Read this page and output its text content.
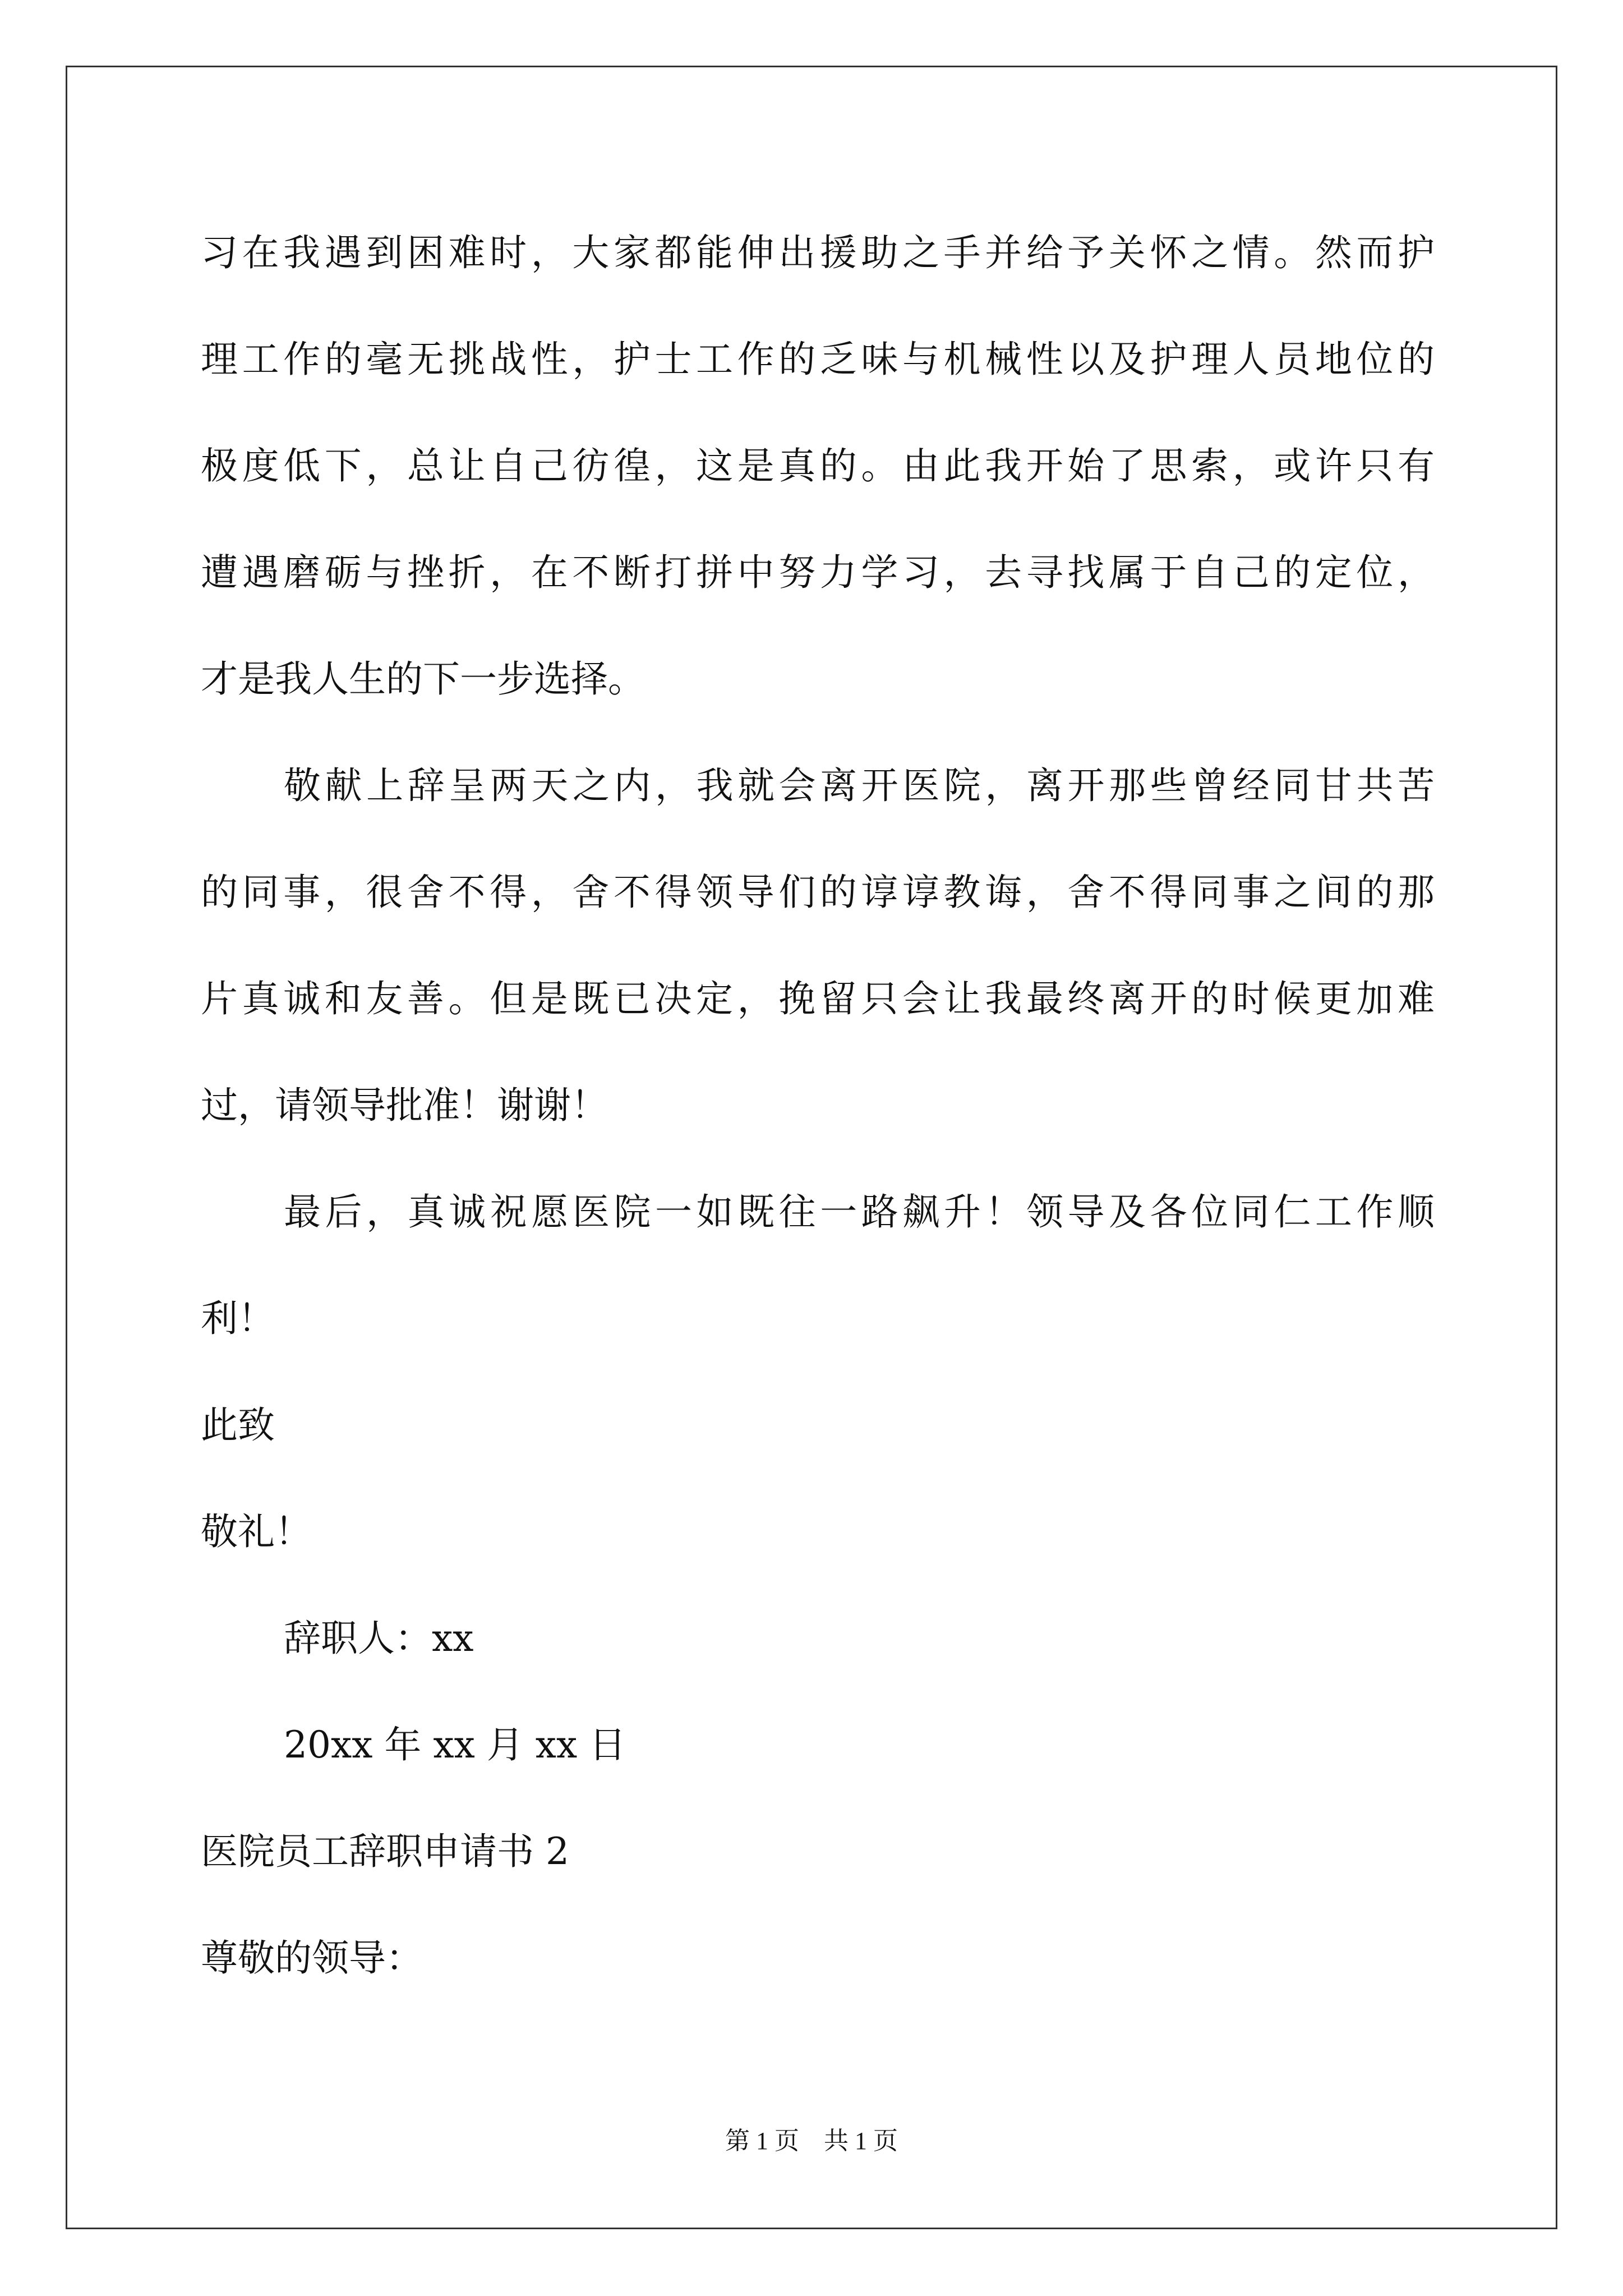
习在我遇到困难时，大家都能伸出援助之手并给予关怀之情。然而护
理工作的毫无挑战性，护士工作的乏味与机械性以及护理人员地位的
极度低下，总让自己彷徨，这是真的。由此我开始了思索，或许只有
遭遇磨砺与挫折，在不断打拼中努力学习，去寻找属于自己的定位，
才是我人生的下一步选择。
敬献上辞呈两天之内，我就会离开医院，离开那些曾经同甘共苦
的同事，很舍不得，舍不得领导们的谆谆教诲，舍不得同事之间的那
片真诚和友善。但是既已决定，挽留只会让我最终离开的时候更加难
过，请领导批准！谢谢！
最后，真诚祝愿医院一如既往一路飙升！领导及各位同仁工作顺
利！
此致
敬礼！
辞职人：xx
20xx 年 xx 月 xx 日
医院员工辞职申请书 2
尊敬的领导：
第 1 页 共 1 页
